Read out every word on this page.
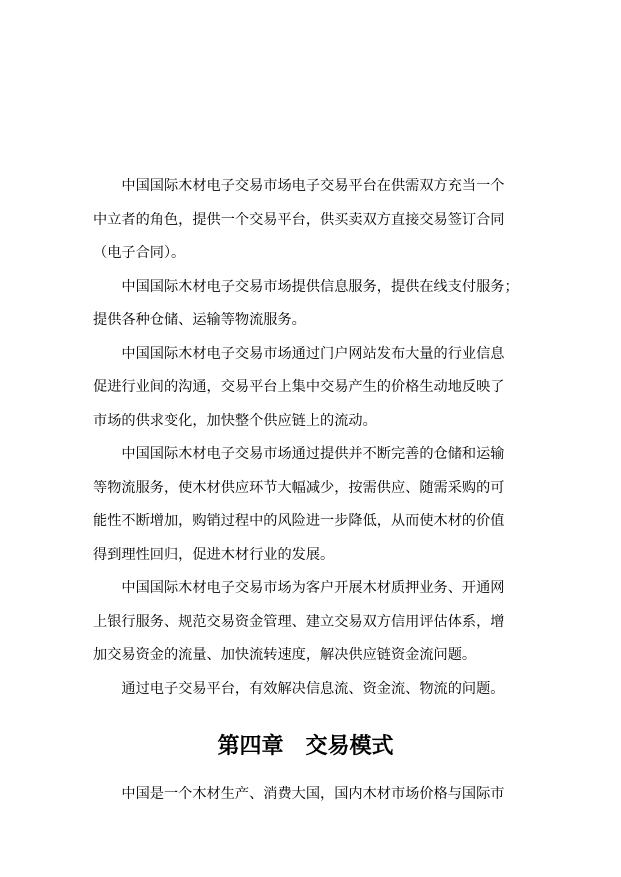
中国国际木材电子交易市场电子交易平台在供需双方充当一个
中立者的角色，提供一个交易平台，供买卖双方直接交易签订合同
（电子合同）。

中国国际木材电子交易市场提供信息服务，提供在线支付服务；
提供各种仓储、运输等物流服务。

中国国际木材电子交易市场通过门户网站发布大量的行业信息
促进行业间的沟通，交易平台上集中交易产生的价格生动地反映了
市场的供求变化，加快整个供应链上的流动。

中国国际木材电子交易市场通过提供并不断完善的仓储和运输
等物流服务，使木材供应环节大幅减少，按需供应、随需采购的可
能性不断增加，购销过程中的风险进一步降低，从而使木材的价值
得到理性回归，促进木材行业的发展。

中国国际木材电子交易市场为客户开展木材质押业务、开通网
上银行服务、规范交易资金管理、建立交易双方信用评估体系，增
加交易资金的流量、加快流转速度，解决供应链资金流问题。

通过电子交易平台，有效解决信息流、资金流、物流的问题。

第四章　交易模式

中国是一个木材生产、消费大国，国内木材市场价格与国际市
